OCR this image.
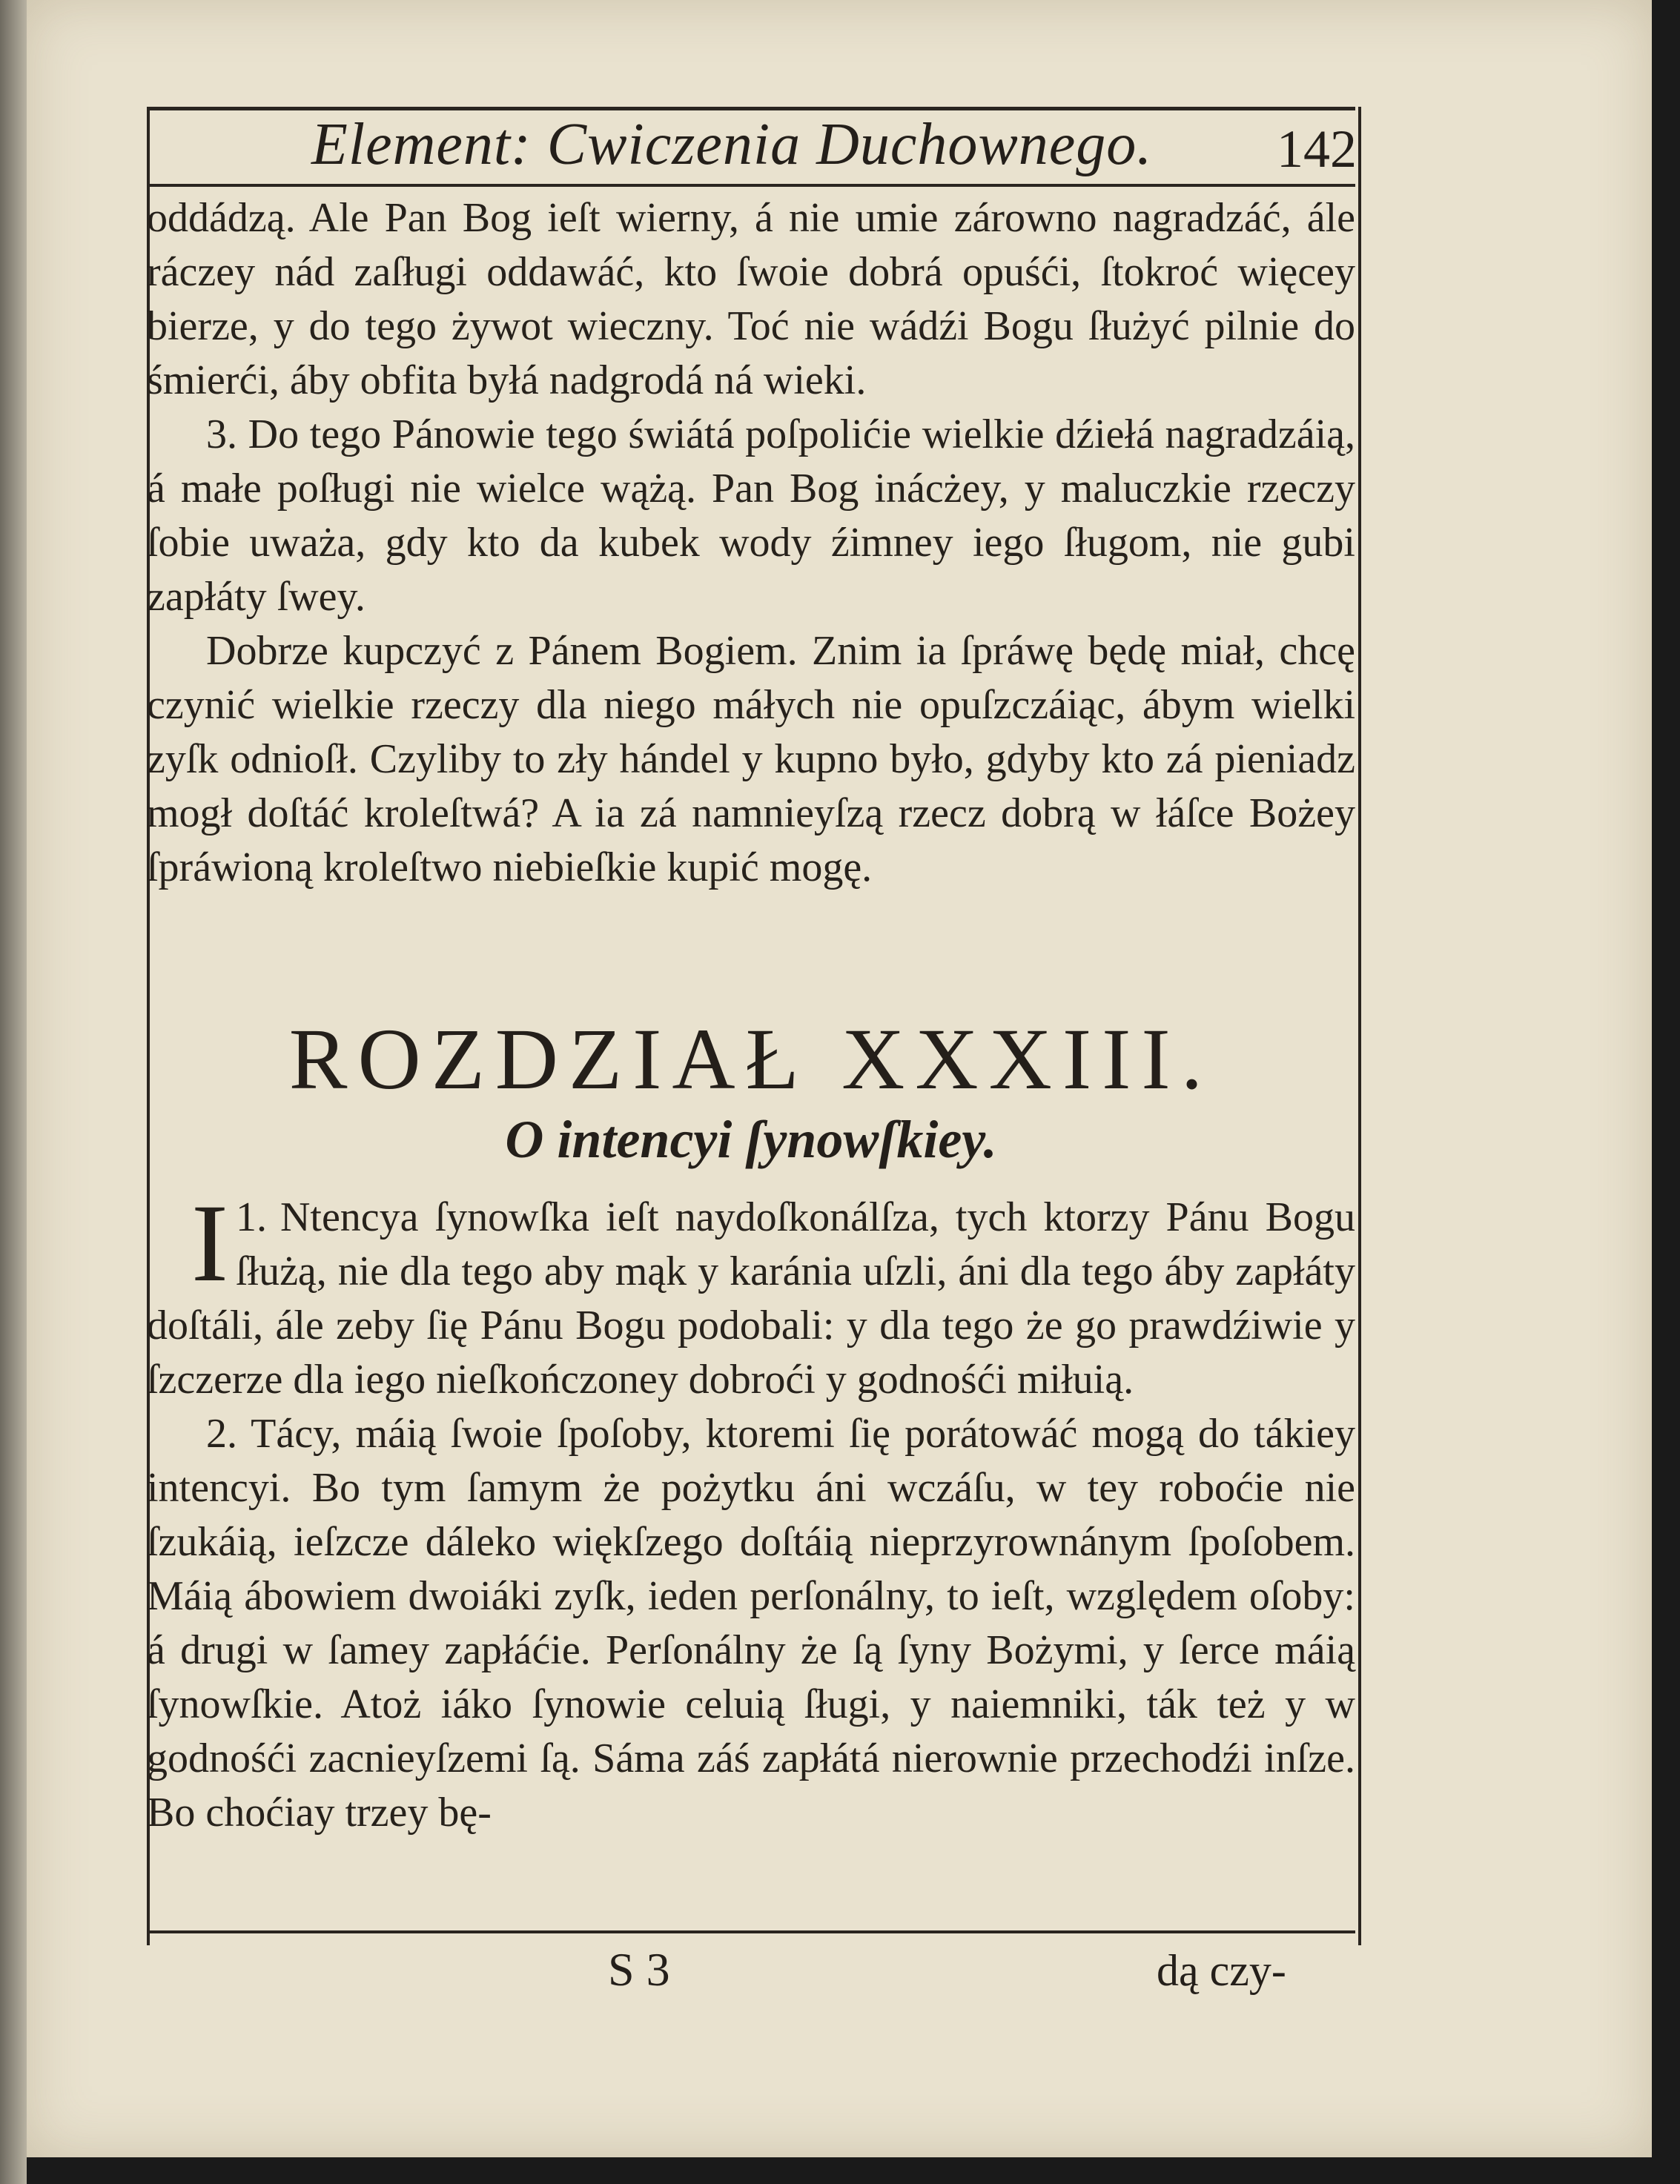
Element: Cwiczenia Duchownego.	142

oddádzą. Ale Pan Bog ieſt wierny, á nie umie zárowno nagradzáć, ále ráczey nád zaſługi oddawáć, kto ſwoie dobrá opuśći, ſtokroć więcey bierze, y do tego żywot wieczny. Toć nie wádźi Bogu ſłużyć pilnie do śmierći, áby obfita byłá nadgrodá ná wieki.

3. Do tego Pánowie tego świátá poſpolićie wielkie dźiełá nagradzáią, á małe poſługi nie wielce wążą. Pan Bog inácżey, y maluczkie rzeczy ſobie uważa, gdy kto da kubek wody źimney iego ſługom, nie gubi zapłáty ſwey.

Dobrze kupczyć z Pánem Bogiem. Znim ia ſpráwę będę miał, chcę czynić wielkie rzeczy dla niego máłych nie opuſzczáiąc, ábym wielki zyſk odnioſł. Czyliby to zły hándel y kupno było, gdyby kto zá pieniadz mogł doſtáć kroleſtwá? A ia zá namnieyſzą rzecz dobrą w łáſce Bożey ſpráwioną kroleſtwo niebieſkie kupić mogę.

ROZDZIAŁ XXXIII.
O intencyi ſynowſkiey.

1.
I Ntencya ſynowſka ieſt naydoſkonálſza, tych ktorzy Pánu Bogu ſłużą, nie dla tego aby mąk y karánia uſzli, áni dla tego áby zapłáty doſtáli, ále zeby ſię Pánu Bogu podobali: y dla tego że go prawdźiwie y ſzczerze dla iego nieſkończoney dobroći y godnośći miłuią.

2. Tácy, máią ſwoie ſpoſoby, ktoremi ſię porátowáć mogą do tákiey intencyi. Bo tym ſamym że pożytku áni wczáſu, w tey roboćie nie ſzukáią, ieſzcze dáleko więkſzego doſtáią nieprzyrownánym ſpoſobem. Máią ábowiem dwoiáki zyſk, ieden perſonálny, to ieſt, względem oſoby: á drugi w ſamey zapłáćie. Perſonálny że ſą ſyny Bożymi, y ſerce máią ſynowſkie. Atoż iáko ſynowie celuią ſługi, y naiemniki, ták też y w godnośći zacnieyſzemi ſą. Sáma záś zapłátá nierownie przechodźi inſze. Bo choćiay trzey bę-

S 3	dą czy-
